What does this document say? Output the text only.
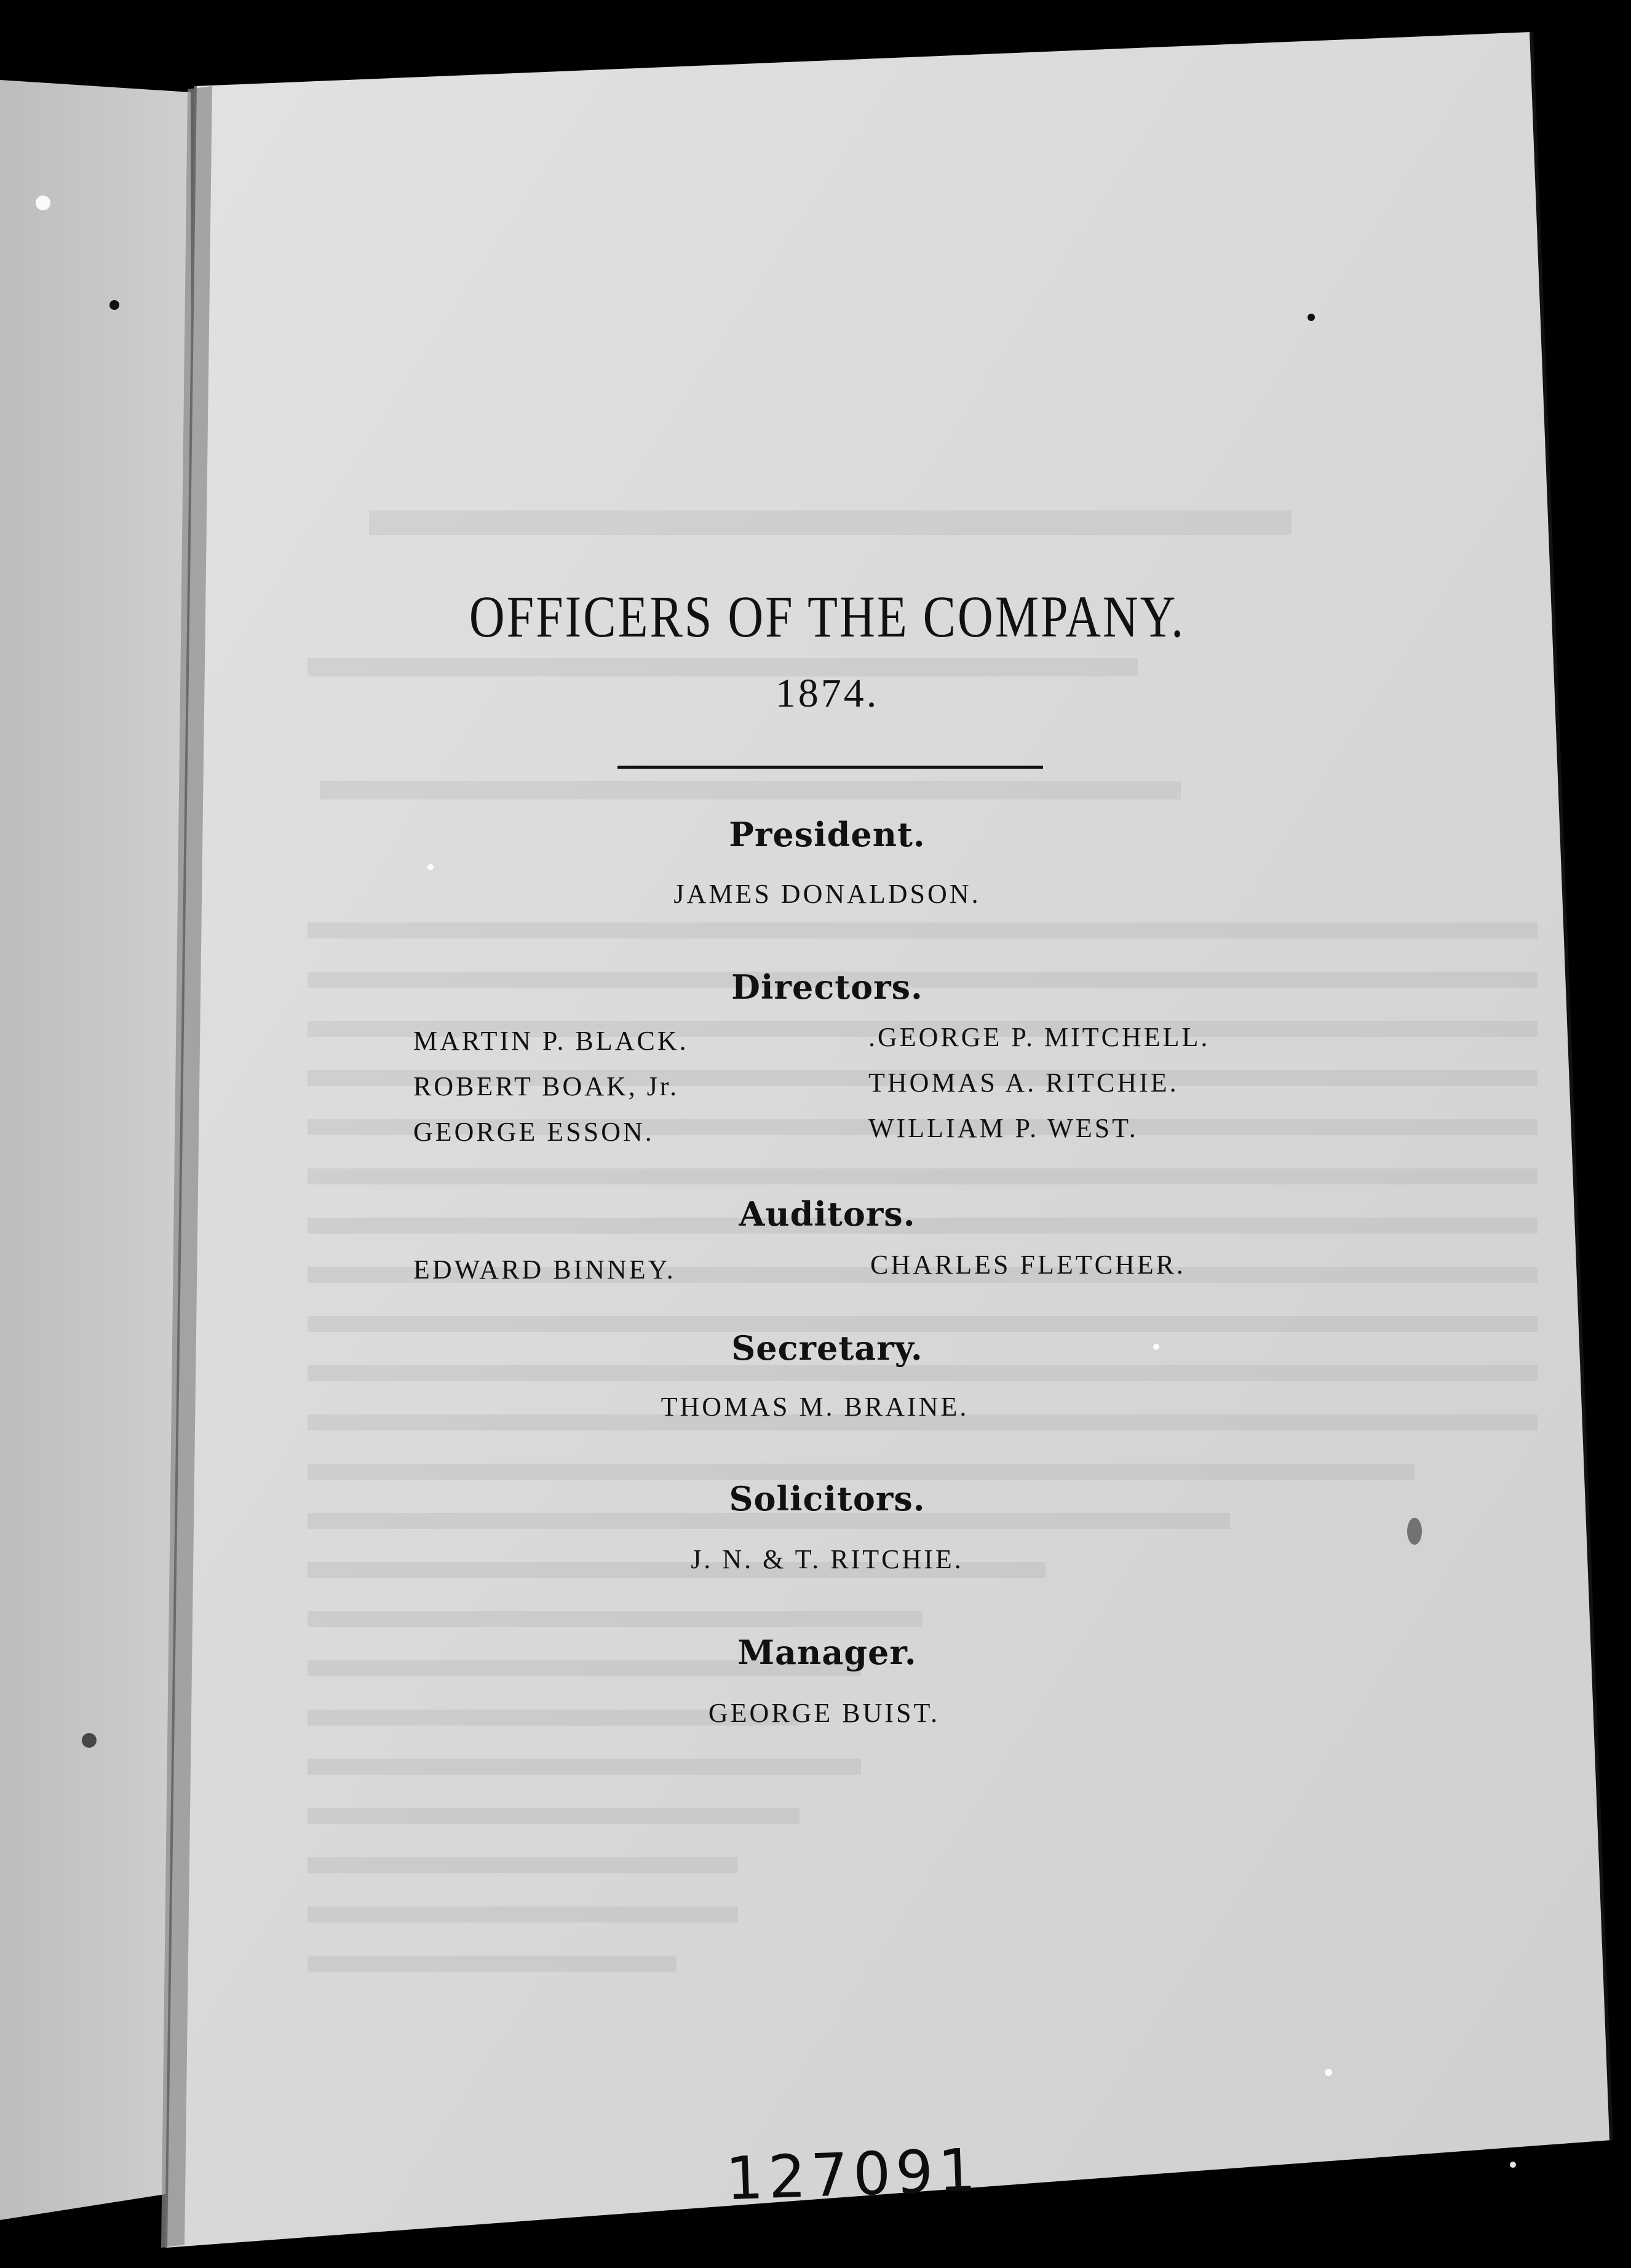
OFFICERS OF THE COMPANY.
1874.
President.
JAMES DONALDSON.
Directors.
MARTIN P. BLACK.
ROBERT BOAK, Jr.
GEORGE ESSON.
.GEORGE P. MITCHELL.
THOMAS A. RITCHIE.
WILLIAM P. WEST.
Auditors.
EDWARD BINNEY.	CHARLES FLETCHER.
Secretary.
THOMAS M. BRAINE.
Solicitors.
J. N. & T. RITCHIE.
Manager.
GEORGE BUIST.
127091
